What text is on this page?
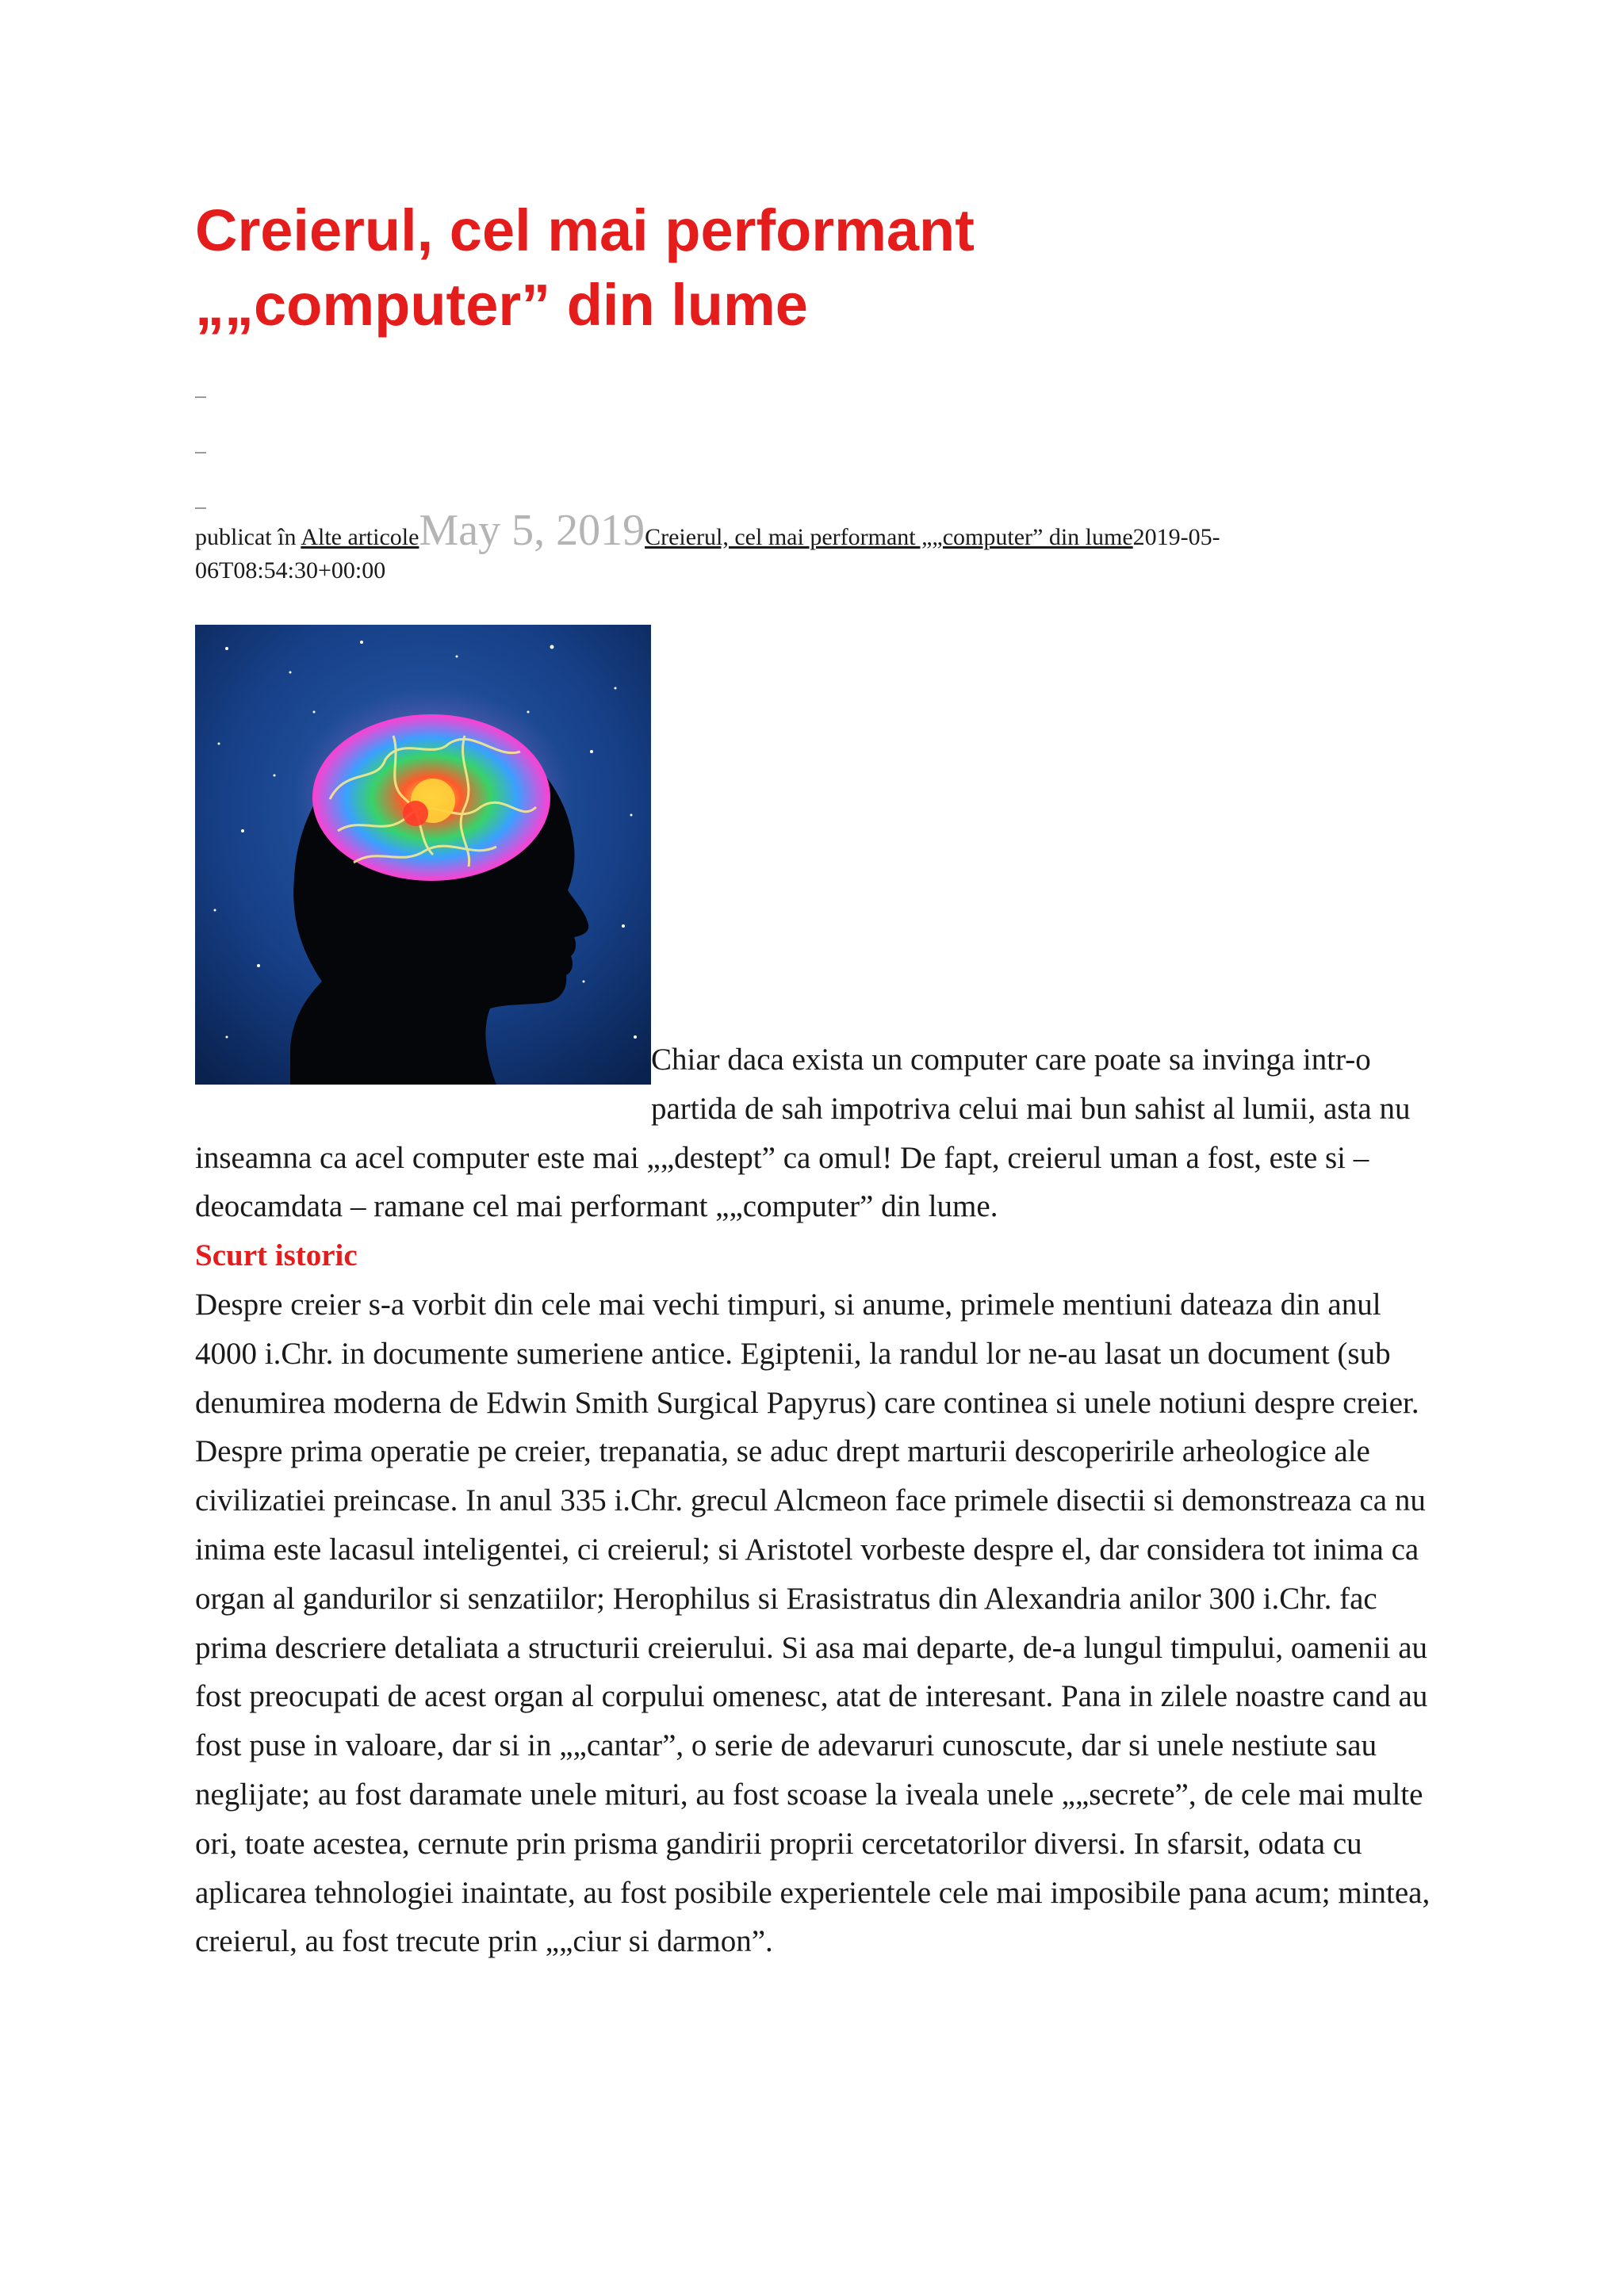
Creierul, cel mai performant „„computer” din lume
publicat în Alte articoleMay 5, 2019Creierul, cel mai performant „„computer” din lume2019-05-06T08:54:30+00:00

Chiar daca exista un computer care poate sa invinga intr-o partida de sah impotriva celui mai bun sahist al lumii, asta nu inseamna ca acel computer este mai „„destept” ca omul! De fapt, creierul uman a fost, este si – deocamdata – ramane cel mai performant „„computer” din lume.

Scurt istoric
Despre creier s-a vorbit din cele mai vechi timpuri, si anume, primele mentiuni dateaza din anul 4000 i.Chr. in documente sumeriene antice. Egiptenii, la randul lor ne-au lasat un document (sub denumirea moderna de Edwin Smith Surgical Papyrus) care continea si unele notiuni despre creier. Despre prima operatie pe creier, trepanatia, se aduc drept marturii descoperirile arheologice ale civilizatiei preincase. In anul 335 i.Chr. grecul Alcmeon face primele disectii si demonstreaza ca nu inima este lacasul inteligentei, ci creierul; si Aristotel vorbeste despre el, dar considera tot inima ca organ al gandurilor si senzatiilor; Herophilus si Erasistratus din Alexandria anilor 300 i.Chr. fac prima descriere detaliata a structurii creierului. Si asa mai departe, de-a lungul timpului, oamenii au fost preocupati de acest organ al corpului omenesc, atat de interesant. Pana in zilele noastre cand au fost puse in valoare, dar si in „„cantar”, o serie de adevaruri cunoscute, dar si unele nestiute sau neglijate; au fost daramate unele mituri, au fost scoase la iveala unele „„secrete”, de cele mai multe ori, toate acestea, cernute prin prisma gandirii proprii cercetatorilor diversi. In sfarsit, odata cu aplicarea tehnologiei inaintate, au fost posibile experientele cele mai imposibile pana acum; mintea, creierul, au fost trecute prin „„ciur si darmon”.
